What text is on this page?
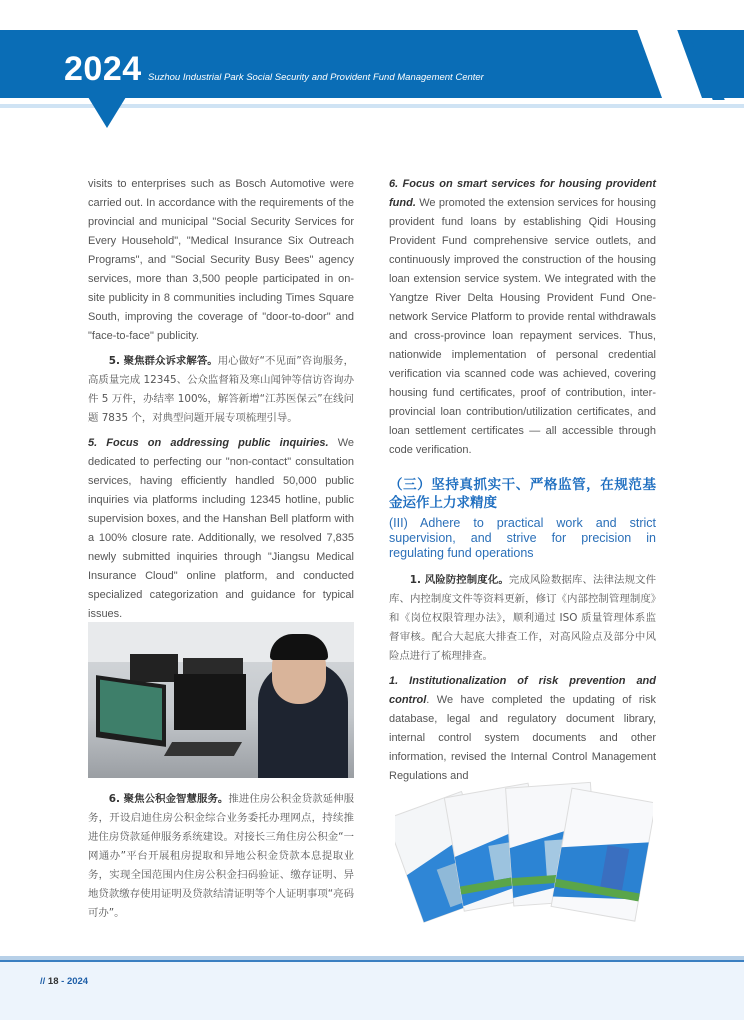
2024 Suzhou Industrial Park Social Security and Provident Fund Management Center

visits to enterprises such as Bosch Automotive were carried out. In accordance with the requirements of the provincial and municipal "Social Security Services for Every Household", "Medical Insurance Six Outreach Programs", and "Social Security Busy Bees" agency services, more than 3,500 people participated in on-site publicity in 8 communities including Times Square South, improving the coverage of "door-to-door" and "face-to-face" publicity.

5. 聚焦群众诉求解答。用心做好“不见面”咨询服务，高质量完成 12345、公众监督箱及寒山闻钟等信访咨询办件 5 万件，办结率 100%，解答新增“江苏医保云”在线问题 7835 个，对典型问题开展专项梳理引导。

5. Focus on addressing public inquiries. We dedicated to perfecting our "non-contact" consultation services, having efficiently handled 50,000 public inquiries via platforms including 12345 hotline, public supervision boxes, and the Hanshan Bell platform with a 100% closure rate. Additionally, we resolved 7,835 newly submitted inquiries through "Jiangsu Medical Insurance Cloud" online platform, and conducted specialized categorization and guidance for typical issues.

6. 聚焦公积金智慧服务。推进住房公积金贷款延伸服务，开设启迪住房公积金综合业务委托办理网点，持续推进住房贷款延伸服务系统建设。对接长三角住房公积金“一网通办”平台开展租房提取和异地公积金贷款本息提取业务，实现全国范围内住房公积金扫码验证、缴存证明、异地贷款缴存使用证明及贷款结清证明等个人证明事项“亮码可办”。

6. Focus on smart services for housing provident fund. We promoted the extension services for housing provident fund loans by establishing Qidi Housing Provident Fund comprehensive service outlets, and continuously improved the construction of the housing loan extension service system. We integrated with the Yangtze River Delta Housing Provident Fund One-network Service Platform to provide rental withdrawals and cross-province loan repayment services. Thus, nationwide implementation of personal credential verification via scanned code was achieved, covering housing fund certificates, proof of contribution, inter-provincial loan contribution/utilization certificates, and loan settlement certificates — all accessible through code verification.

（三）坚持真抓实干、严格监管，在规范基金运作上力求精度
(III) Adhere to practical work and strict supervision, and strive for precision in regulating fund operations

1. 风险防控制度化。完成风险数据库、法律法规文件库、内控制度文件等资料更新，修订《内部控制管理制度》和《岗位权限管理办法》，顺利通过 ISO 质量管理体系监督审核。配合大起底大排查工作，对高风险点及部分中风险点进行了梳理排查。

1. Institutionalization of risk prevention and control. We have completed the updating of risk database, legal and regulatory document library, internal control system documents and other information, revised the Internal Control Management Regulations and

// 18 - 2024
